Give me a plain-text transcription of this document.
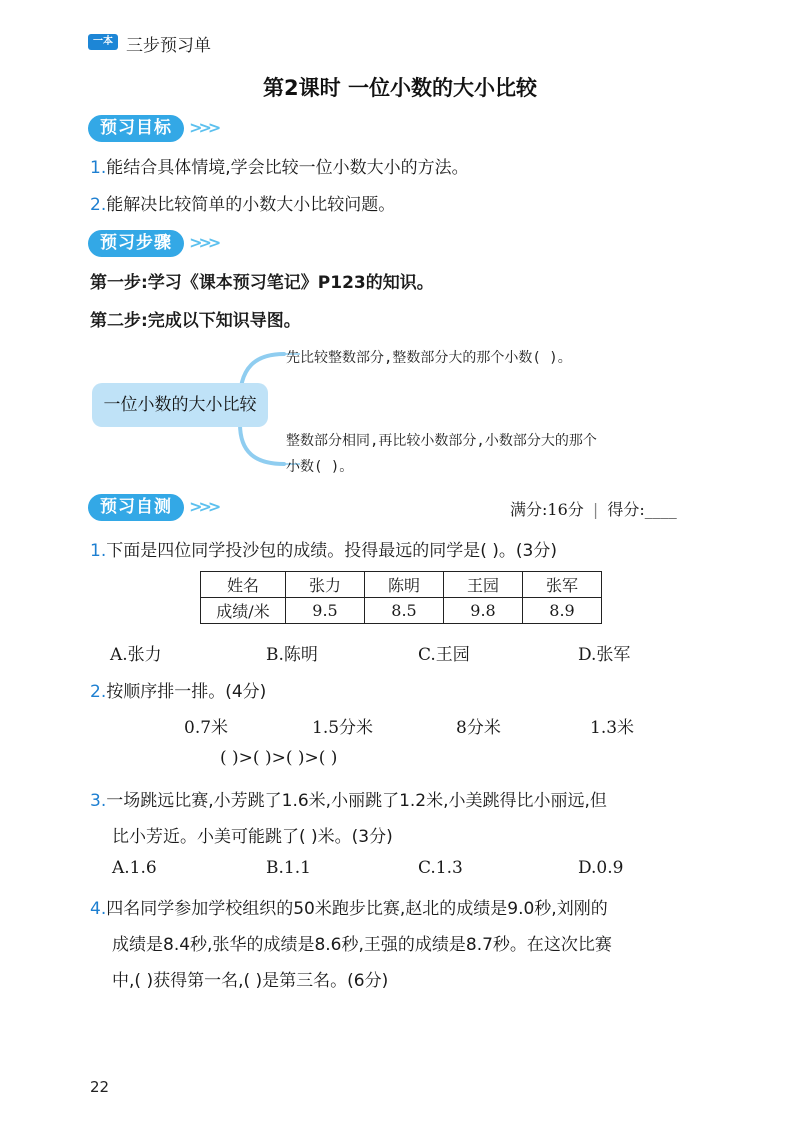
一本 三步预习单
第2课时 一位小数的大小比较
预习目标 >>>
1.能结合具体情境,学会比较一位小数大小的方法。
2.能解决比较简单的小数大小比较问题。
预习步骤 >>>
第一步:学习《课本预习笔记》P123的知识。
第二步:完成以下知识导图。
一位小数的大小比较
先比较整数部分,整数部分大的那个小数( )。
整数部分相同,再比较小数部分,小数部分大的那个
小数( )。
预习自测 >>>	满分:16分 | 得分:____
1.下面是四位同学投沙包的成绩。投得最远的同学是( )。(3分)
姓名	张力	陈明	王园	张军
成绩/米	9.5	8.5	9.8	8.9
A.张力	B.陈明	C.王园	D.张军
2.按顺序排一排。(4分)
0.7米	1.5分米	8分米	1.3米
( )>( )>( )>( )
3.一场跳远比赛,小芳跳了1.6米,小丽跳了1.2米,小美跳得比小丽远,但
比小芳近。小美可能跳了( )米。(3分)
A.1.6	B.1.1	C.1.3	D.0.9
4.四名同学参加学校组织的50米跑步比赛,赵北的成绩是9.0秒,刘刚的
成绩是8.4秒,张华的成绩是8.6秒,王强的成绩是8.7秒。在这次比赛
中,( )获得第一名,( )是第三名。(6分)
22
